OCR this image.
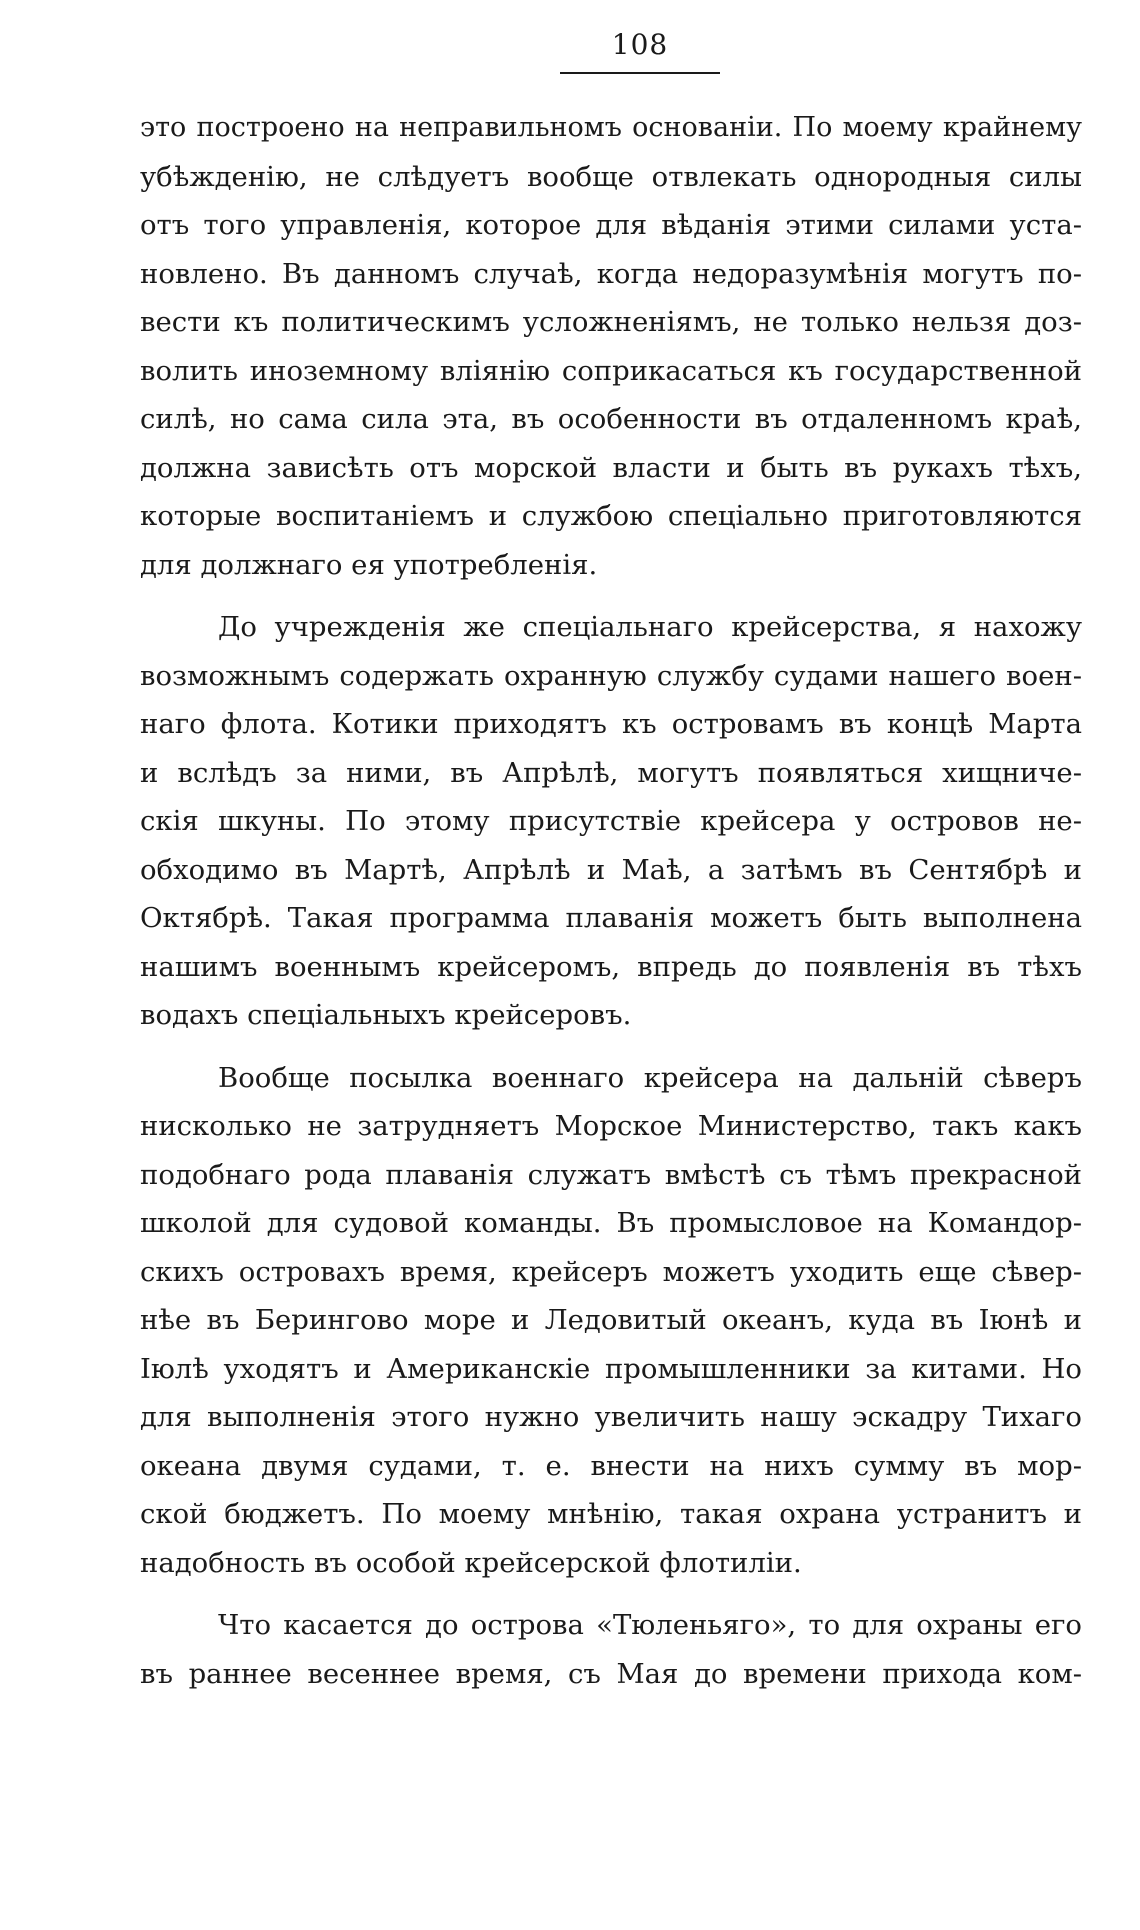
108
это построено на неправильномъ основаніи. По моему крайнему
убѣжденію, не слѣдуетъ вообще отвлекать однородныя силы
отъ того управленія, которое для вѣданія этими силами уста-
новлено. Въ данномъ случаѣ, когда недоразумѣнія могутъ по-
вести къ политическимъ усложненіямъ, не только нельзя доз-
волить иноземному вліянію соприкасаться къ государственной
силѣ, но сама сила эта, въ особенности въ отдаленномъ краѣ,
должна зависѣть отъ морской власти и быть въ рукахъ тѣхъ,
которые воспитаніемъ и службою спеціально приготовляются
для должнаго ея употребленія.
До учрежденія же спеціальнаго крейсерства, я нахожу
возможнымъ содержать охранную службу судами нашего воен-
наго флота. Котики приходятъ къ островамъ въ концѣ Марта
и вслѣдъ за ними, въ Апрѣлѣ, могутъ появляться хищниче-
скія шкуны. По этому присутствіе крейсера у островов не-
обходимо въ Мартѣ, Апрѣлѣ и Маѣ, а затѣмъ въ Сентябрѣ и
Октябрѣ. Такая программа плаванія можетъ быть выполнена
нашимъ военнымъ крейсеромъ, впредь до появленія въ тѣхъ
водахъ спеціальныхъ крейсеровъ.
Вообще посылка военнаго крейсера на дальній сѣверъ
нисколько не затрудняетъ Морское Министерство, такъ какъ
подобнаго рода плаванія служатъ вмѣстѣ съ тѣмъ прекрасной
школой для судовой команды. Въ промысловое на Командор-
скихъ островахъ время, крейсеръ можетъ уходить еще сѣвер-
нѣе въ Берингово море и Ледовитый океанъ, куда въ Іюнѣ и
Іюлѣ уходятъ и Американскіе промышленники за китами. Но
для выполненія этого нужно увеличить нашу эскадру Тихаго
океана двумя судами, т. е. внести на нихъ сумму въ мор-
ской бюджетъ. По моему мнѣнію, такая охрана устранитъ и
надобность въ особой крейсерской флотиліи.
Что касается до острова «Тюленьяго», то для охраны его
въ раннее весеннее время, съ Мая до времени прихода ком-
